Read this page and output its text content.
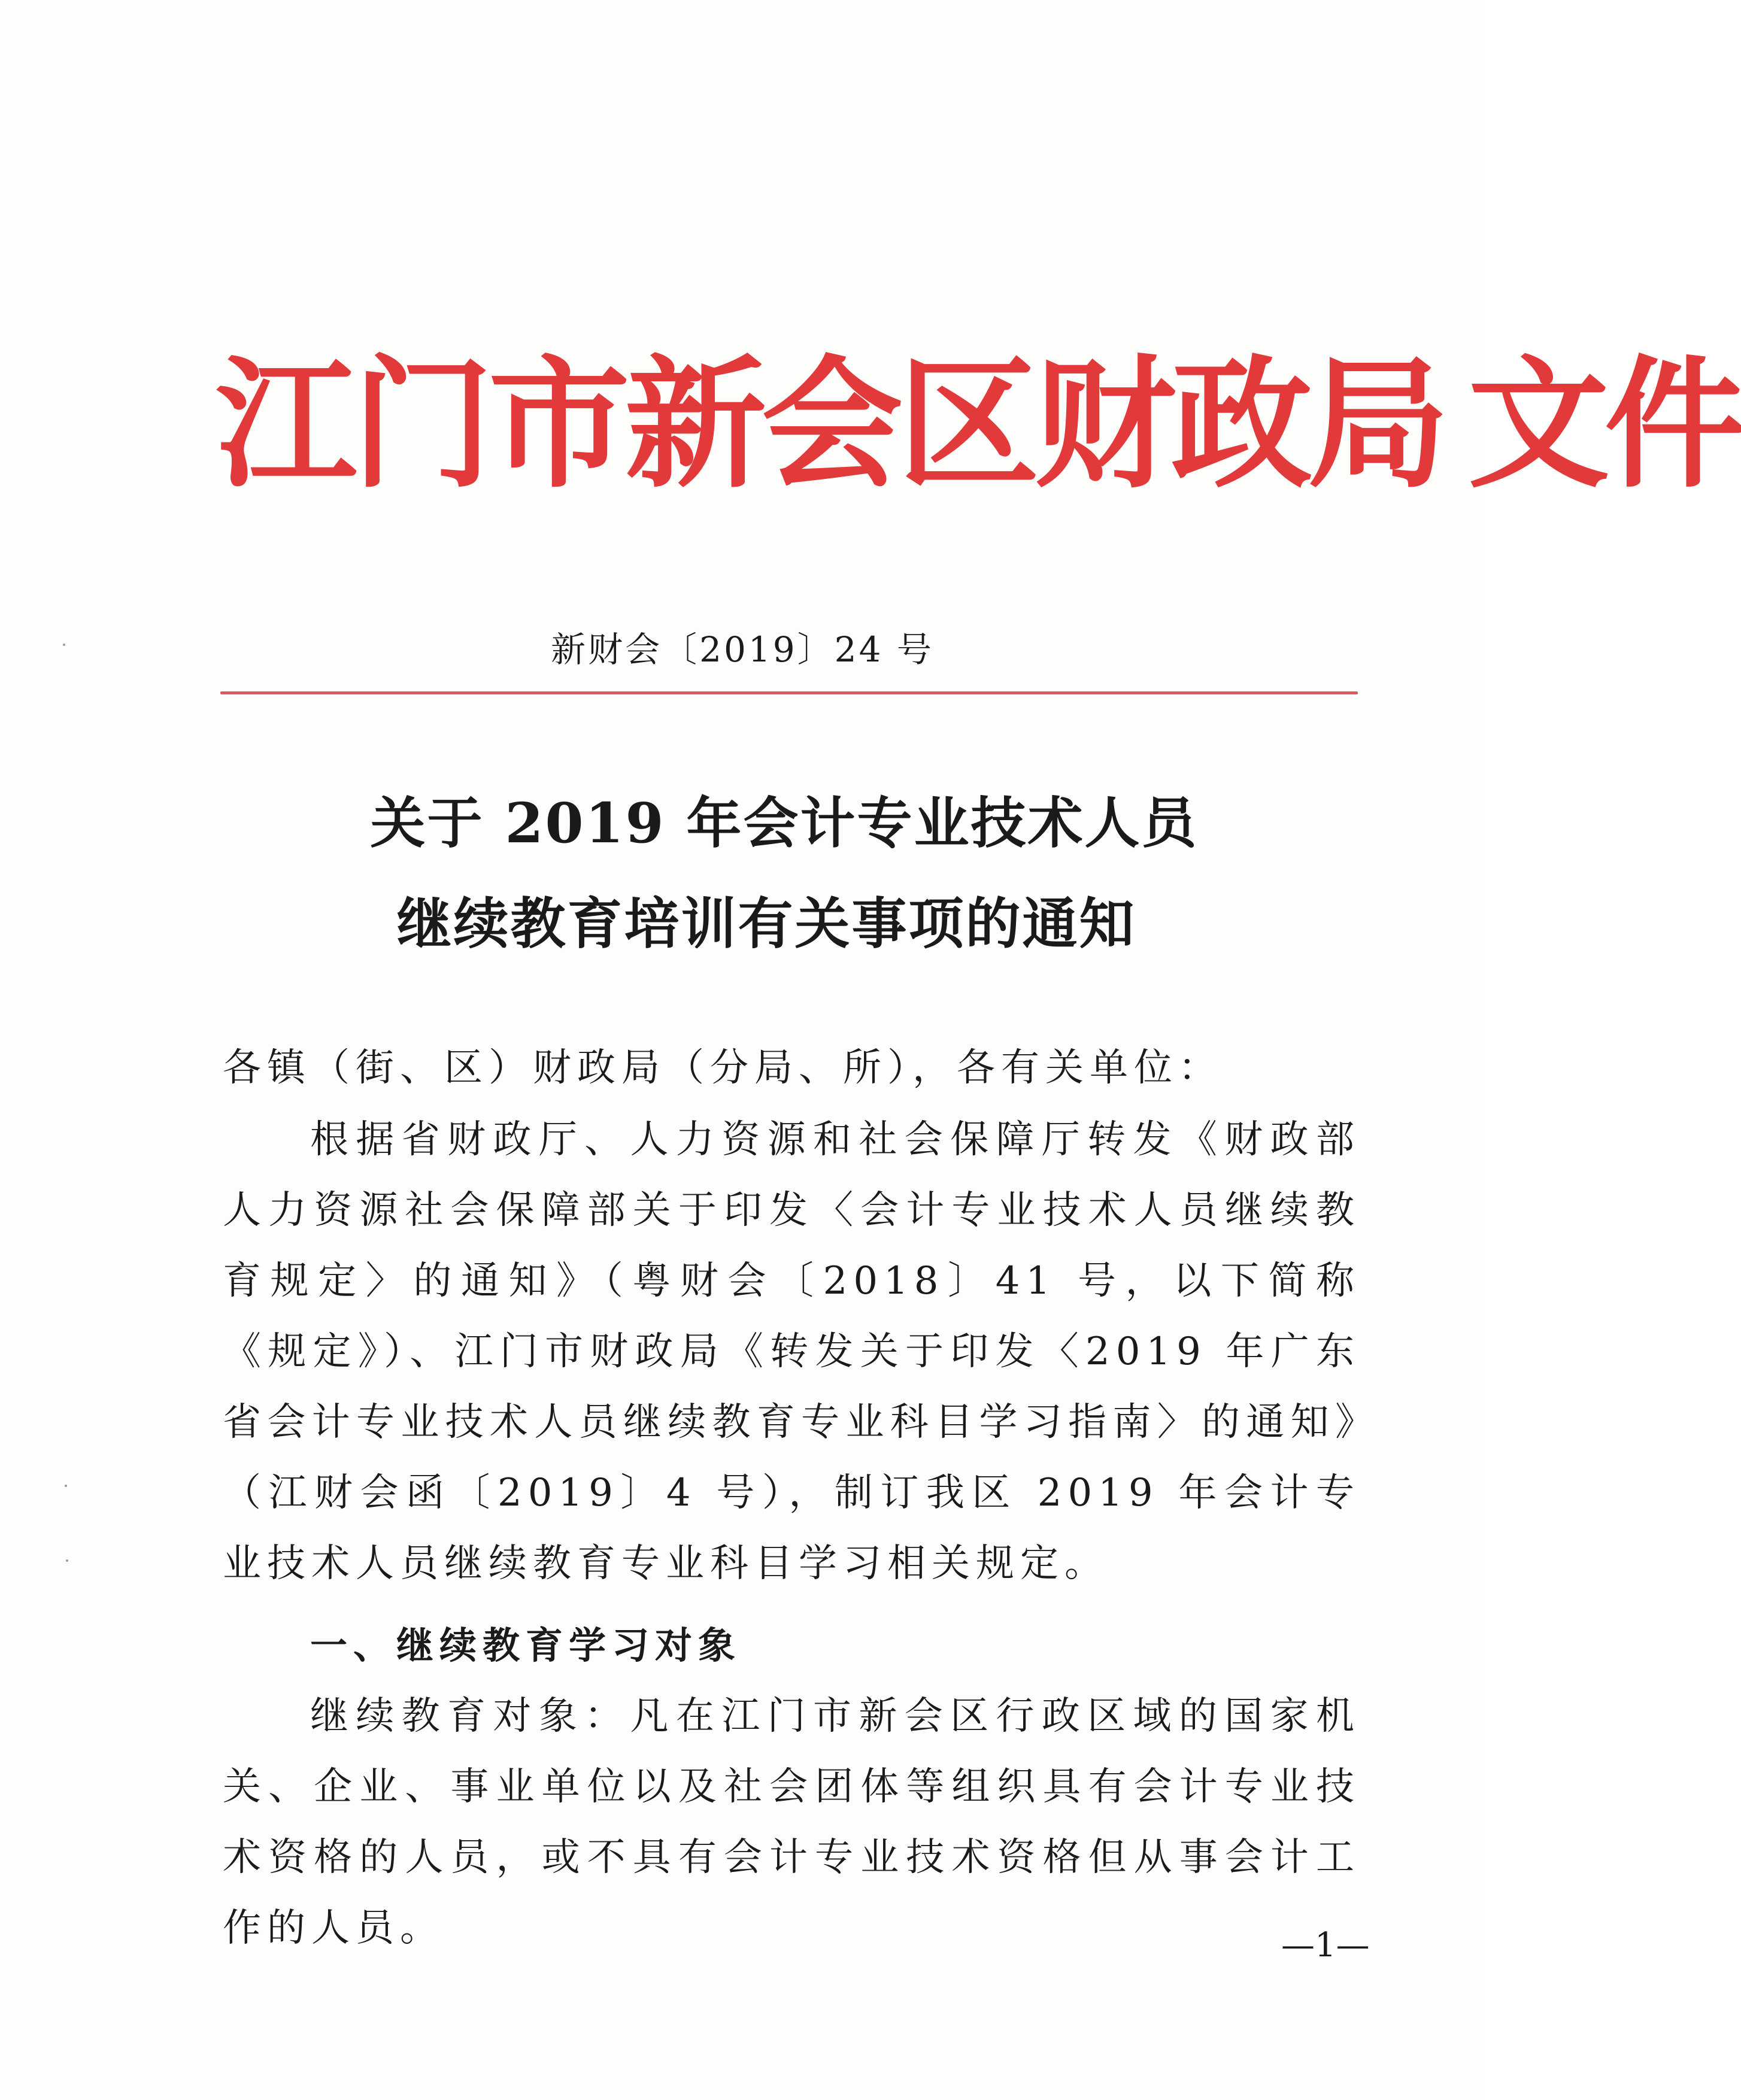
江门市新会区财政局 文件
新财会〔2019〕24 号
关于 2019 年会计专业技术人员
继续教育培训有关事项的通知
各镇（街、区）财政局（分局、所），各有关单位：
根据省财政厅、人力资源和社会保障厅转发《财政部 人力资源社会保障部关于印发〈会计专业技术人员继续教育规定〉的通知》（粤财会〔2018〕41 号，以下简称《规定》）、江门市财政局《转发关于印发〈2019 年广东省会计专业技术人员继续教育专业科目学习指南〉的通知》（江财会函〔2019〕4 号），制订我区 2019 年会计专业技术人员继续教育专业科目学习相关规定。
一、继续教育学习对象
继续教育对象：凡在江门市新会区行政区域的国家机关、企业、事业单位以及社会团体等组织具有会计专业技术资格的人员，或不具有会计专业技术资格但从事会计工作的人员。	—1—
